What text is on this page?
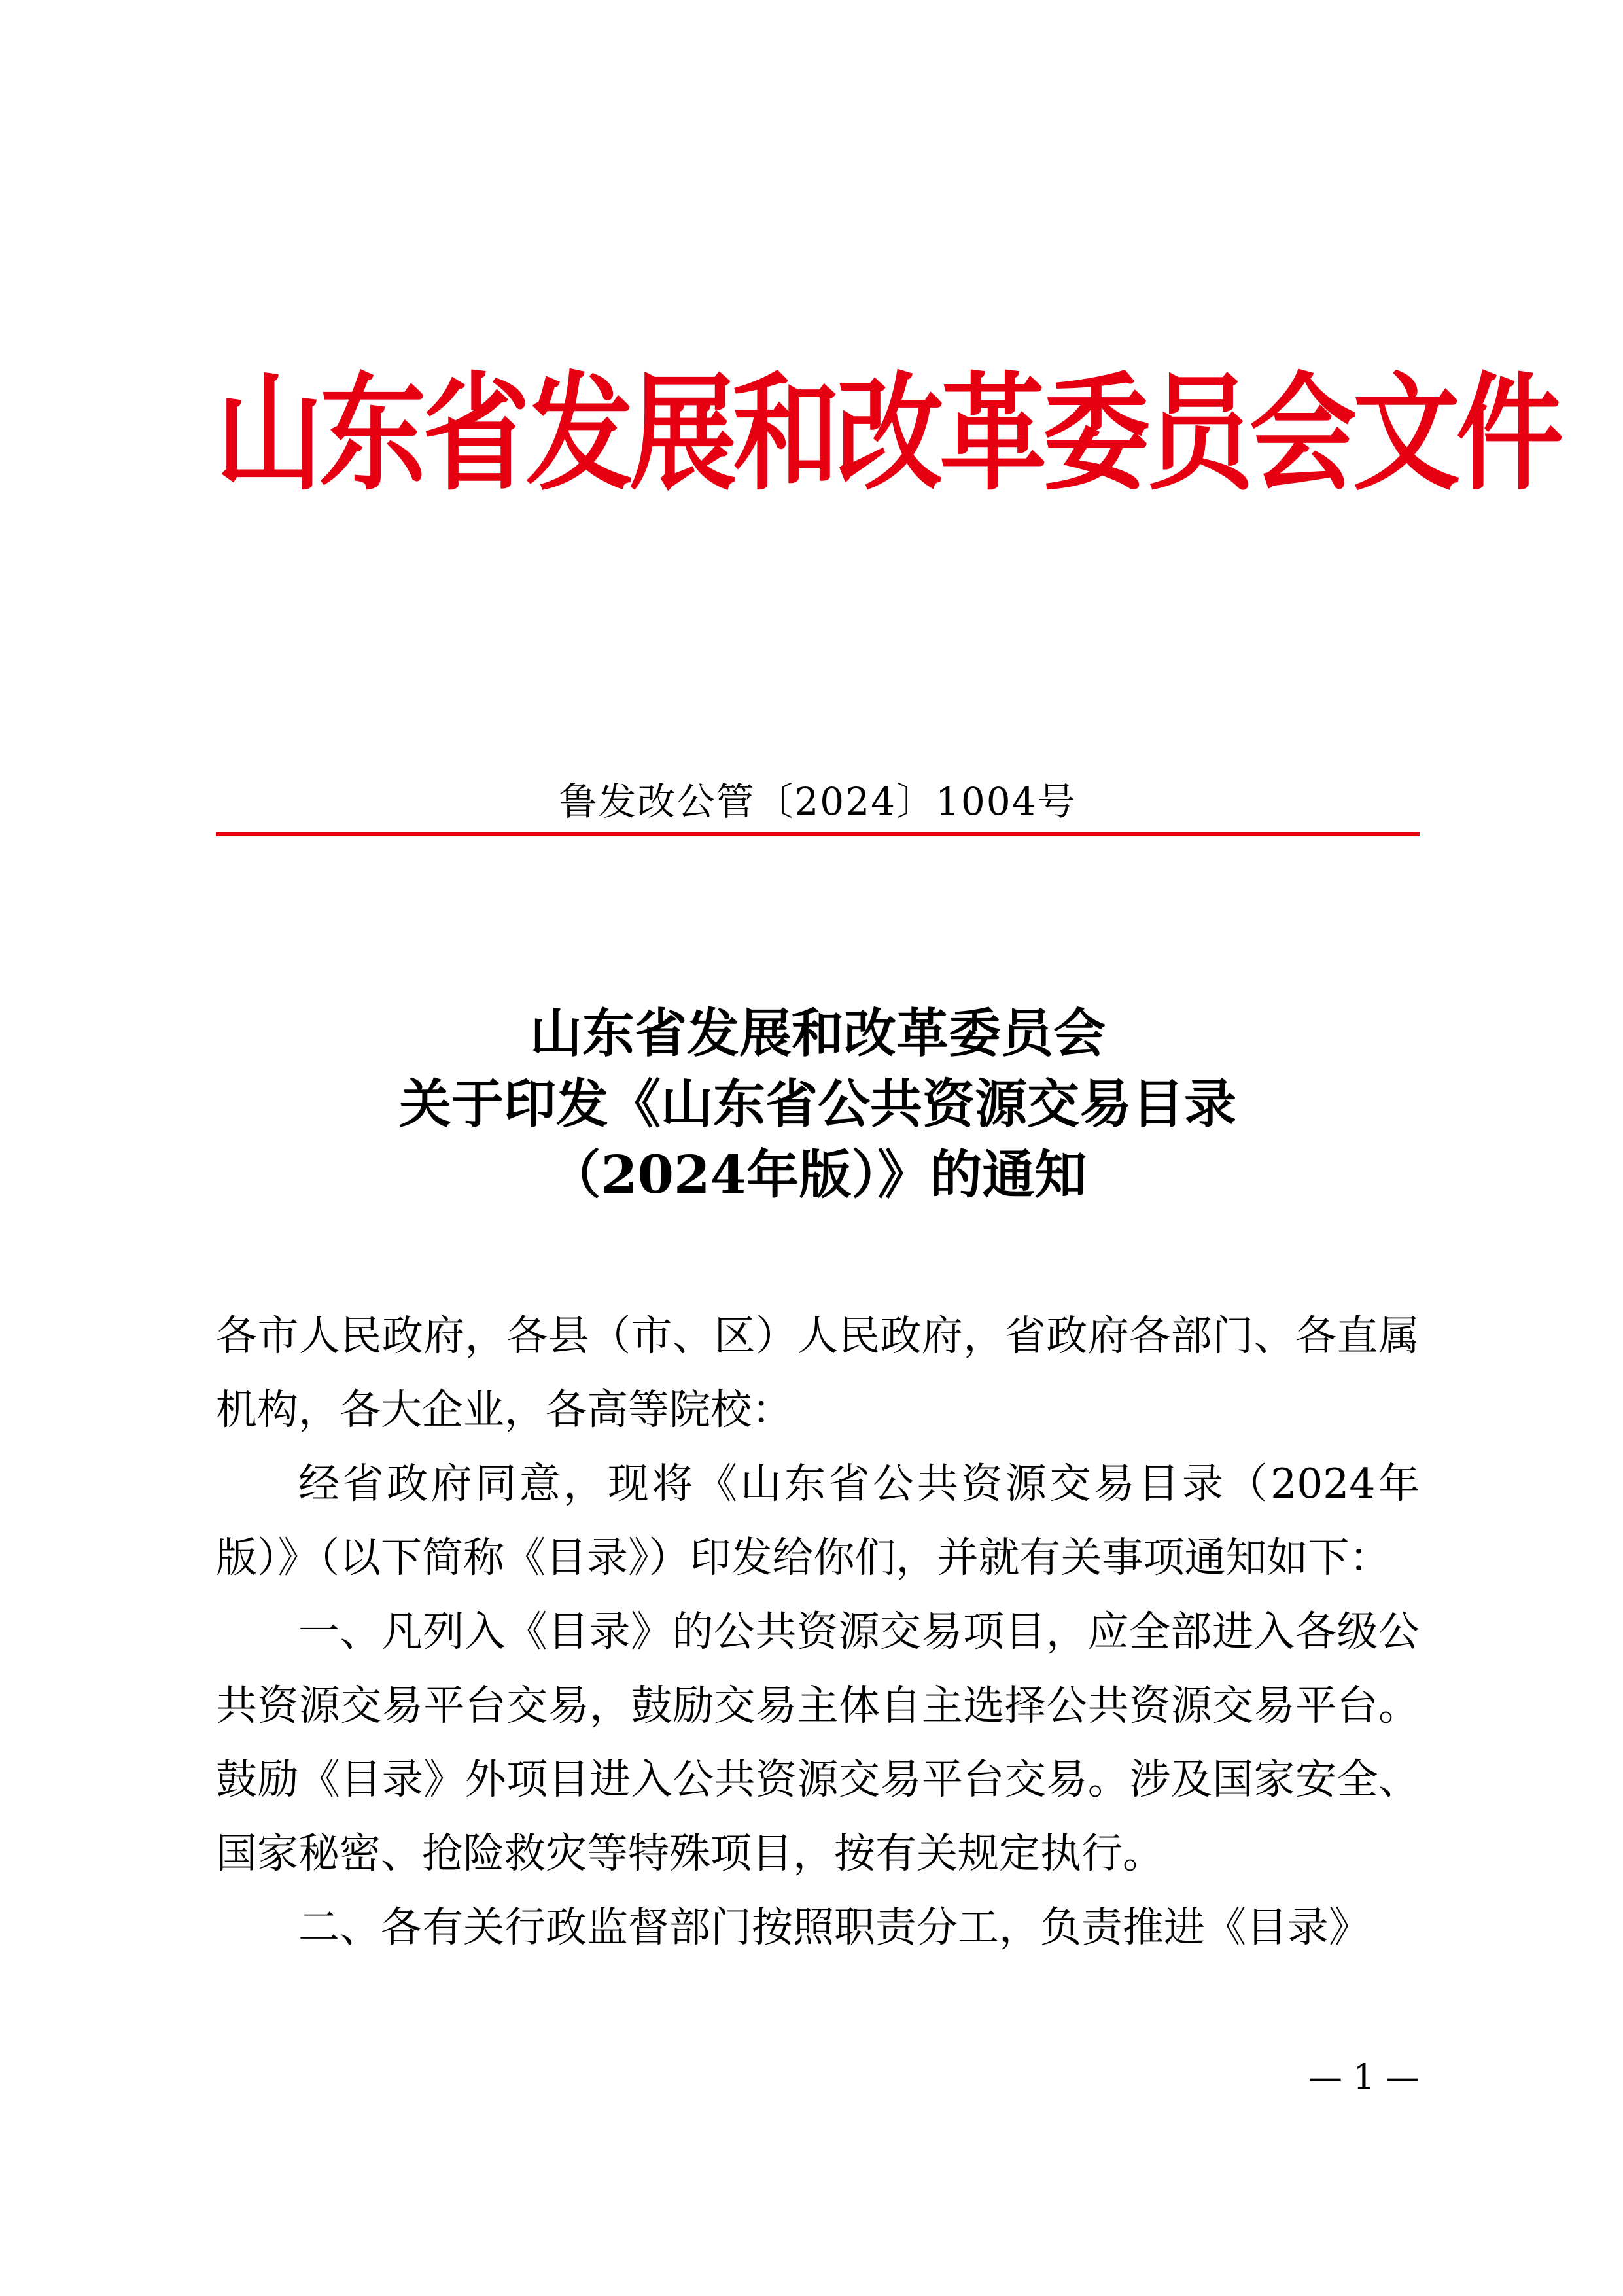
山东省发展和改革委员会文件
鲁发改公管〔2024〕1004号
山东省发展和改革委员会
关于印发《山东省公共资源交易目录
（2024年版）》的通知

各市人民政府，各县（市、区）人民政府，省政府各部门、各直属机构，各大企业，各高等院校：

经省政府同意，现将《山东省公共资源交易目录（2024年版）》（以下简称《目录》）印发给你们，并就有关事项通知如下：

一、凡列入《目录》的公共资源交易项目，应全部进入各级公共资源交易平台交易，鼓励交易主体自主选择公共资源交易平台。鼓励《目录》外项目进入公共资源交易平台交易。涉及国家安全、国家秘密、抢险救灾等特殊项目，按有关规定执行。

二、各有关行政监督部门按照职责分工，负责推进《目录》

— 1 —
